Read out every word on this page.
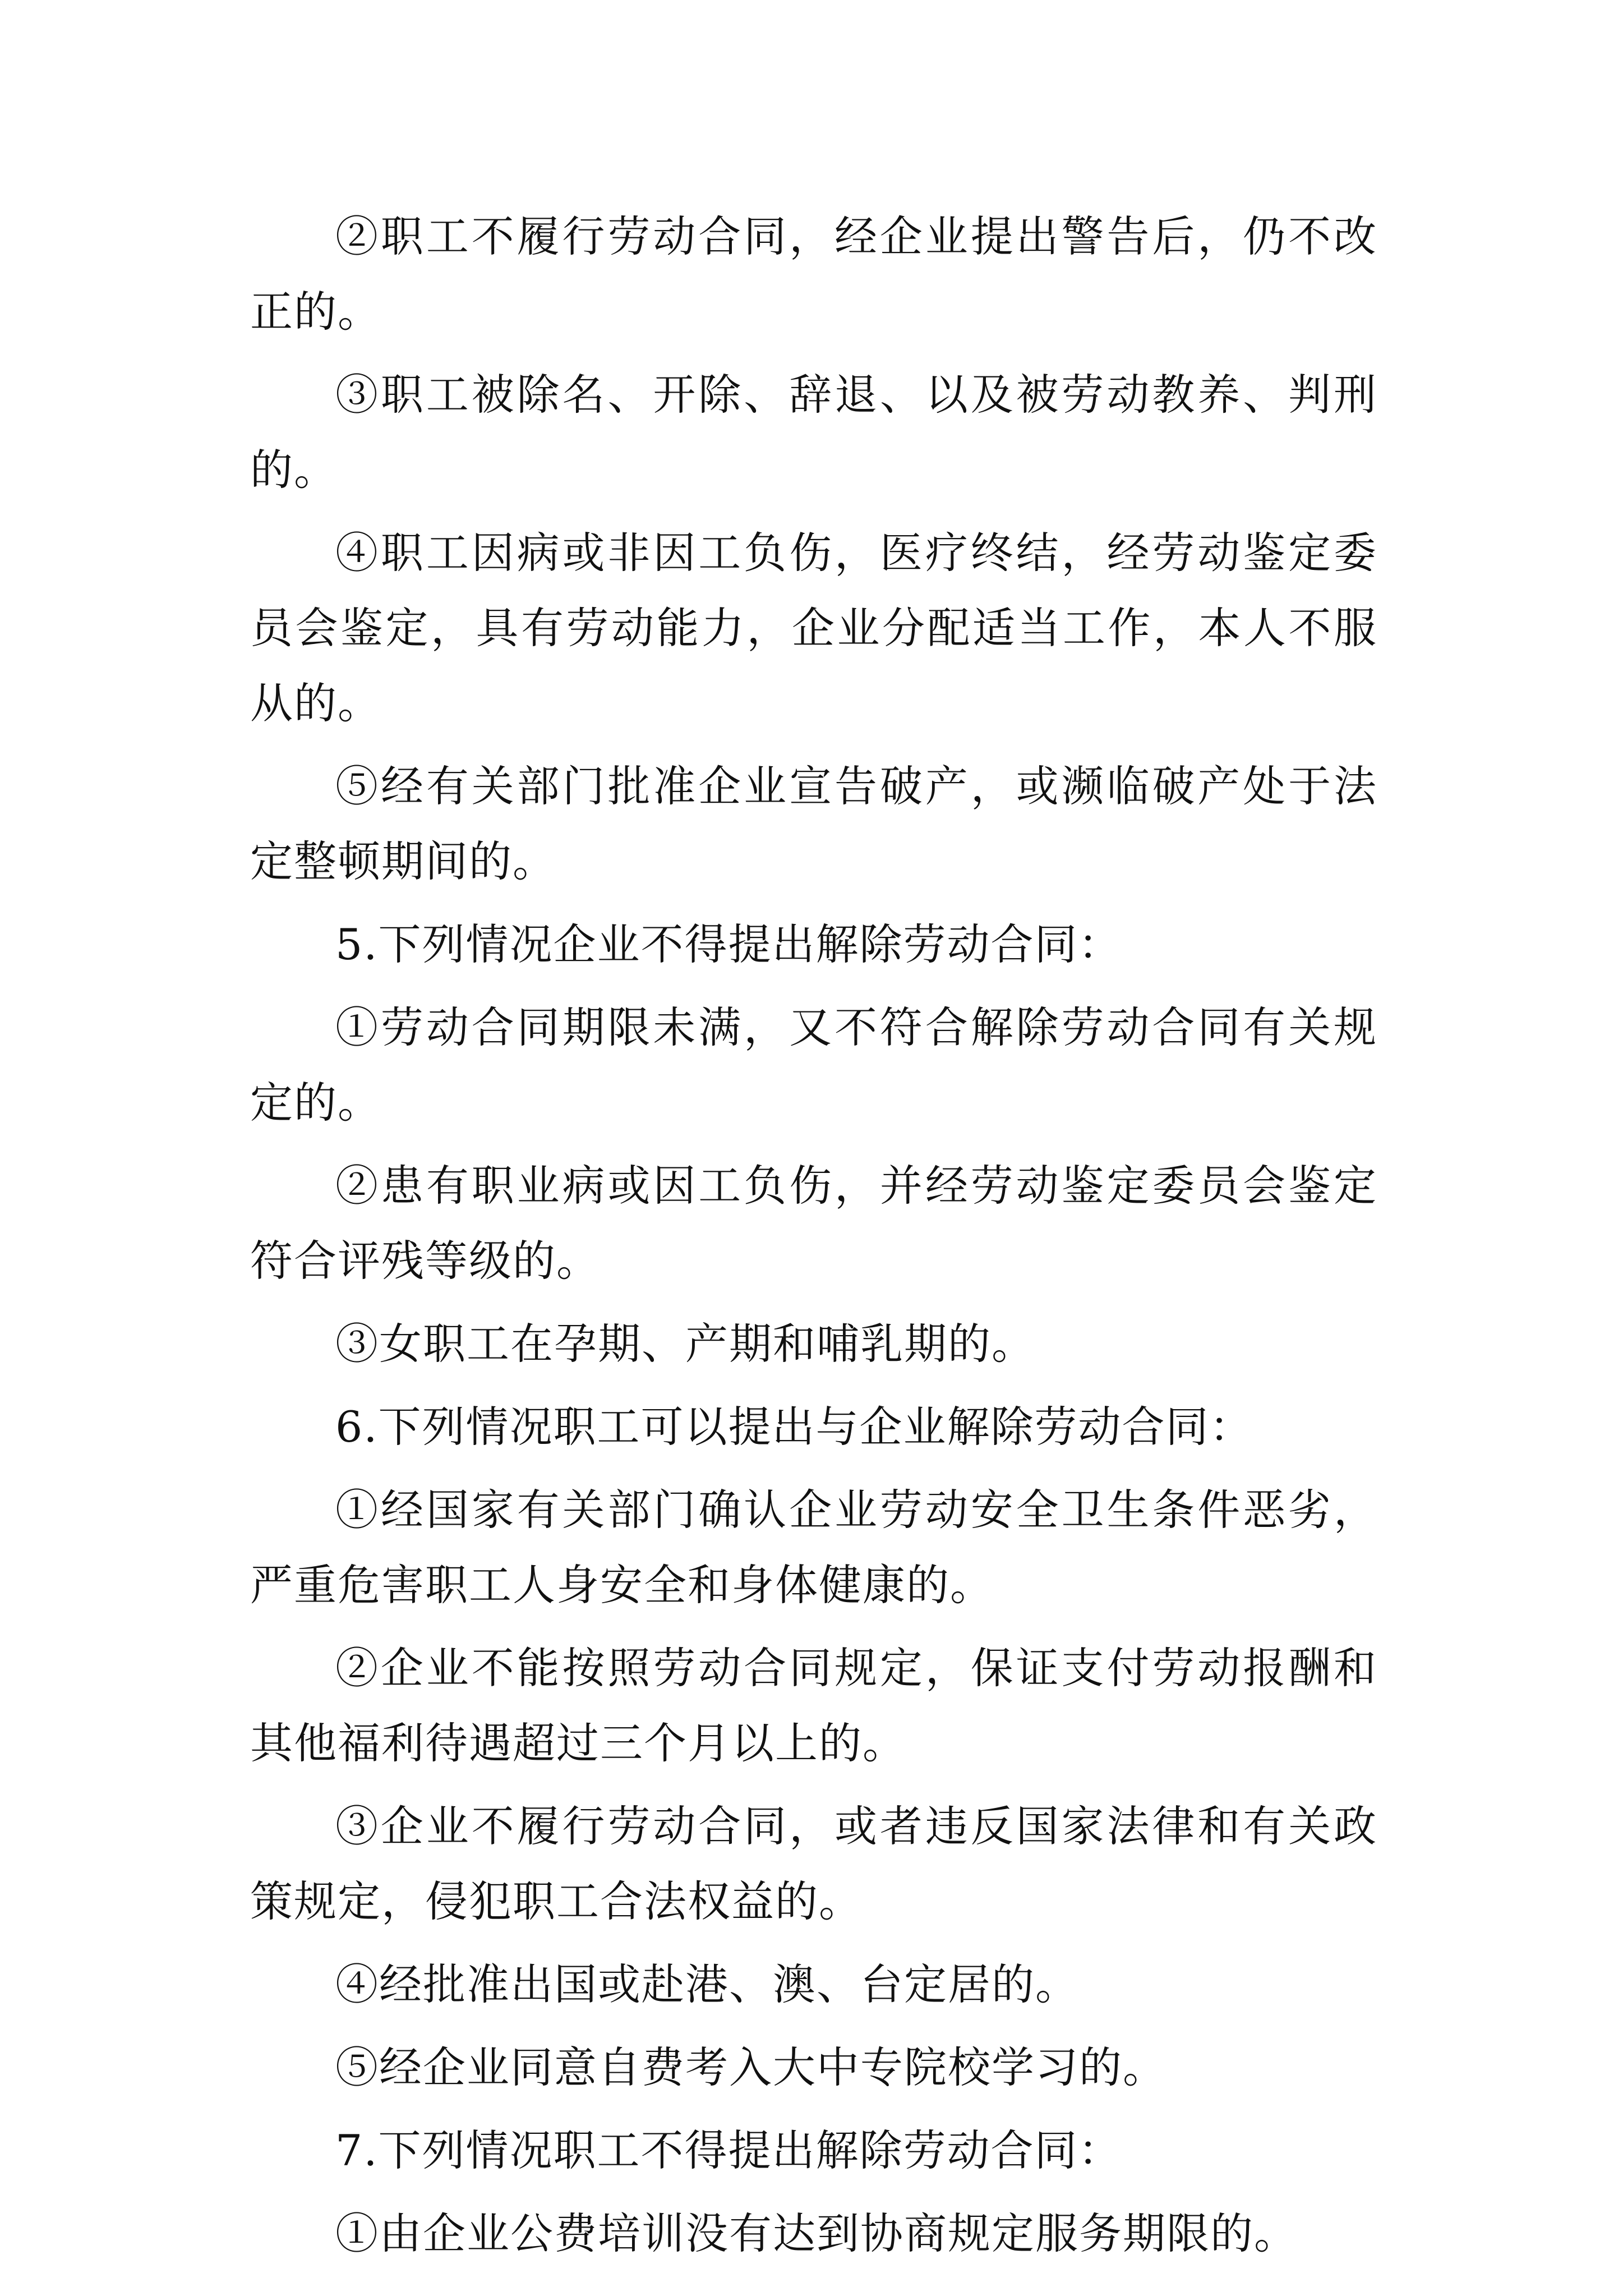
②职工不履行劳动合同，经企业提出警告后，仍不改正的。

③职工被除名、开除、辞退、以及被劳动教养、判刑的。

④职工因病或非因工负伤，医疗终结，经劳动鉴定委员会鉴定，具有劳动能力，企业分配适当工作，本人不服从的。

⑤经有关部门批准企业宣告破产，或濒临破产处于法定整顿期间的。

5.下列情况企业不得提出解除劳动合同：

①劳动合同期限未满，又不符合解除劳动合同有关规定的。

②患有职业病或因工负伤，并经劳动鉴定委员会鉴定符合评残等级的。

③女职工在孕期、产期和哺乳期的。

6.下列情况职工可以提出与企业解除劳动合同：

①经国家有关部门确认企业劳动安全卫生条件恶劣，严重危害职工人身安全和身体健康的。

②企业不能按照劳动合同规定，保证支付劳动报酬和其他福利待遇超过三个月以上的。

③企业不履行劳动合同，或者违反国家法律和有关政策规定，侵犯职工合法权益的。

④经批准出国或赴港、澳、台定居的。

⑤经企业同意自费考入大中专院校学习的。

7.下列情况职工不得提出解除劳动合同：

①由企业公费培训没有达到协商规定服务期限的。
